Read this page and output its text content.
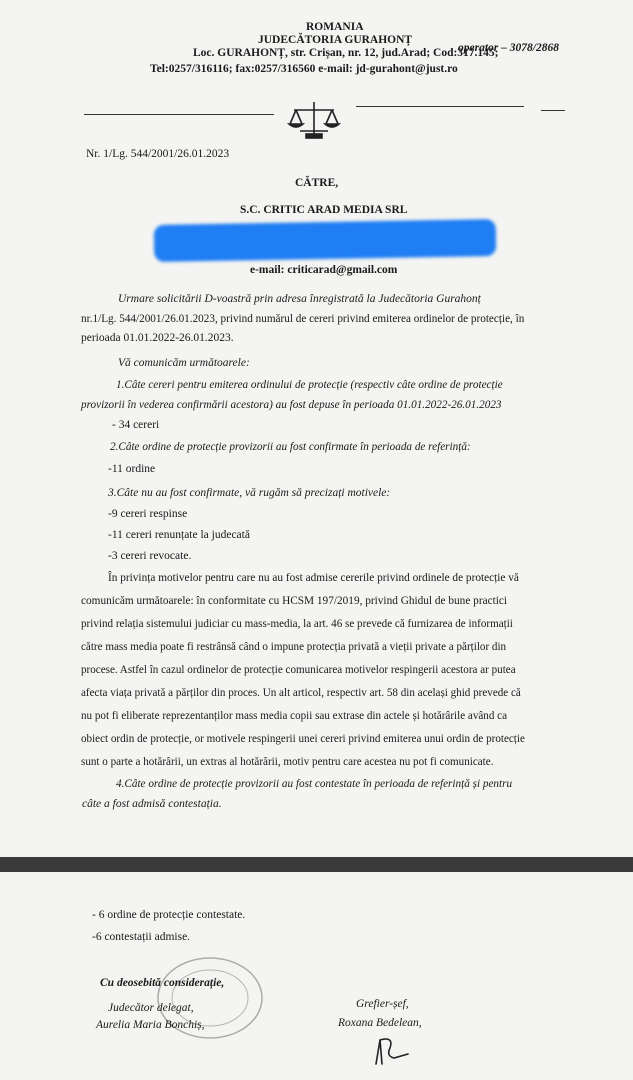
ROMANIA
JUDECĂTORIA GURAHONȚ
operator – 3078/2868
Loc. GURAHONȚ, str. Crișan, nr. 12, jud.Arad; Cod:317.145;
Tel:0257/316116; fax:0257/316560 e-mail: jd-gurahont@just.ro
Nr. 1/Lg. 544/2001/26.01.2023
CĂTRE,
S.C. CRITIC ARAD MEDIA SRL
e-mail: criticarad@gmail.com
Urmare solicitării D-voastră prin adresa înregistrată la Judecătoria Gurahonț
nr.1/Lg. 544/2001/26.01.2023, privind numărul de cereri privind emiterea ordinelor de protecție, în
perioada 01.01.2022-26.01.2023.
Vă comunicăm următoarele:
1.Câte cereri pentru emiterea ordinului de protecție (respectiv câte ordine de protecție
provizorii în vederea confirmării acestora) au fost depuse în perioada 01.01.2022-26.01.2023
- 34 cereri
2.Câte ordine de protecție provizorii au fost confirmate în perioada de referință:
-11 ordine
3.Câte nu au fost confirmate, vă rugăm să precizați motivele:
-9 cereri respinse
-11 cereri renunțate la judecată
-3 cereri revocate.
În privința motivelor pentru care nu au fost admise cererile privind ordinele de protecție vă
comunicăm următoarele: în conformitate cu HCSM 197/2019, privind Ghidul de bune practici
privind relația sistemului judiciar cu mass-media, la art. 46 se prevede că furnizarea de informații
către mass media poate fi restrânsă când o impune protecția privată a vieții private a părților din
procese. Astfel în cazul ordinelor de protecție comunicarea motivelor respingerii acestora ar putea
afecta viața privată a părților din proces. Un alt articol, respectiv art. 58 din același ghid prevede că
nu pot fi eliberate reprezentanților mass media copii sau extrase din actele și hotărârile având ca
obiect ordin de protecție, or motivele respingerii unei cereri privind emiterea unui ordin de protecție
sunt o parte a hotărârii, un extras al hotărârii, motiv pentru care acestea nu pot fi comunicate.
4.Câte ordine de protecție provizorii au fost contestate în perioada de referință și pentru
câte a fost admisă contestația.
- 6 ordine de protecție contestate.
-6 contestații admise.
Cu deosebită considerație,
Judecător delegat,
Aurelia Maria Bonchiș,
Grefier-șef,
Roxana Bedelean,
